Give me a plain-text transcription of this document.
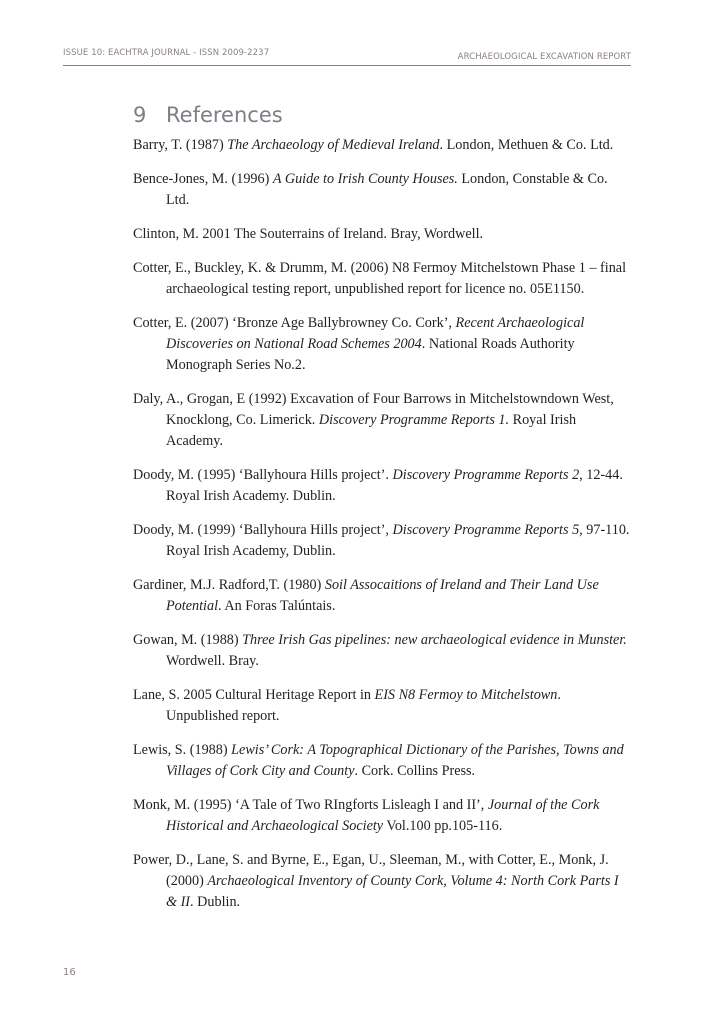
ISSUE 10: EACHTRA JOURNAL - ISSN 2009-2237	ARCHAEOLOGICAL EXCAVATION REPORT
9 References
Barry, T. (1987) The Archaeology of Medieval Ireland. London, Methuen & Co. Ltd.
Bence-Jones, M. (1996) A Guide to Irish County Houses. London, Constable & Co. Ltd.
Clinton, M. 2001 The Souterrains of Ireland. Bray, Wordwell.
Cotter, E., Buckley, K. & Drumm, M. (2006) N8 Fermoy Mitchelstown Phase 1 – final archaeological testing report, unpublished report for licence no. 05E1150.
Cotter, E. (2007) ‘Bronze Age Ballybrowney Co. Cork’, Recent Archaeological Discoveries on National Road Schemes 2004. National Roads Authority Monograph Series No.2.
Daly, A., Grogan, E (1992) Excavation of Four Barrows in Mitchelstowndown West, Knocklong, Co. Limerick. Discovery Programme Reports 1. Royal Irish Academy.
Doody, M. (1995) ‘Ballyhoura Hills project’. Discovery Programme Reports 2, 12-44. Royal Irish Academy. Dublin.
Doody, M. (1999) ‘Ballyhoura Hills project’, Discovery Programme Reports 5, 97-110. Royal Irish Academy, Dublin.
Gardiner, M.J. Radford,T. (1980) Soil Assocaitions of Ireland and Their Land Use Potential. An Foras Talúntais.
Gowan, M. (1988) Three Irish Gas pipelines: new archaeological evidence in Munster. Wordwell. Bray.
Lane, S. 2005 Cultural Heritage Report in EIS N8 Fermoy to Mitchelstown. Unpublished report.
Lewis, S. (1988) Lewis’ Cork: A Topographical Dictionary of the Parishes, Towns and Villages of Cork City and County. Cork. Collins Press.
Monk, M. (1995) ‘A Tale of Two RIngforts Lisleagh I and II’, Journal of the Cork Historical and Archaeological Society Vol.100 pp.105-116.
Power, D., Lane, S. and Byrne, E., Egan, U., Sleeman, M., with Cotter, E., Monk, J. (2000) Archaeological Inventory of County Cork, Volume 4: North Cork Parts I & II. Dublin.
16
